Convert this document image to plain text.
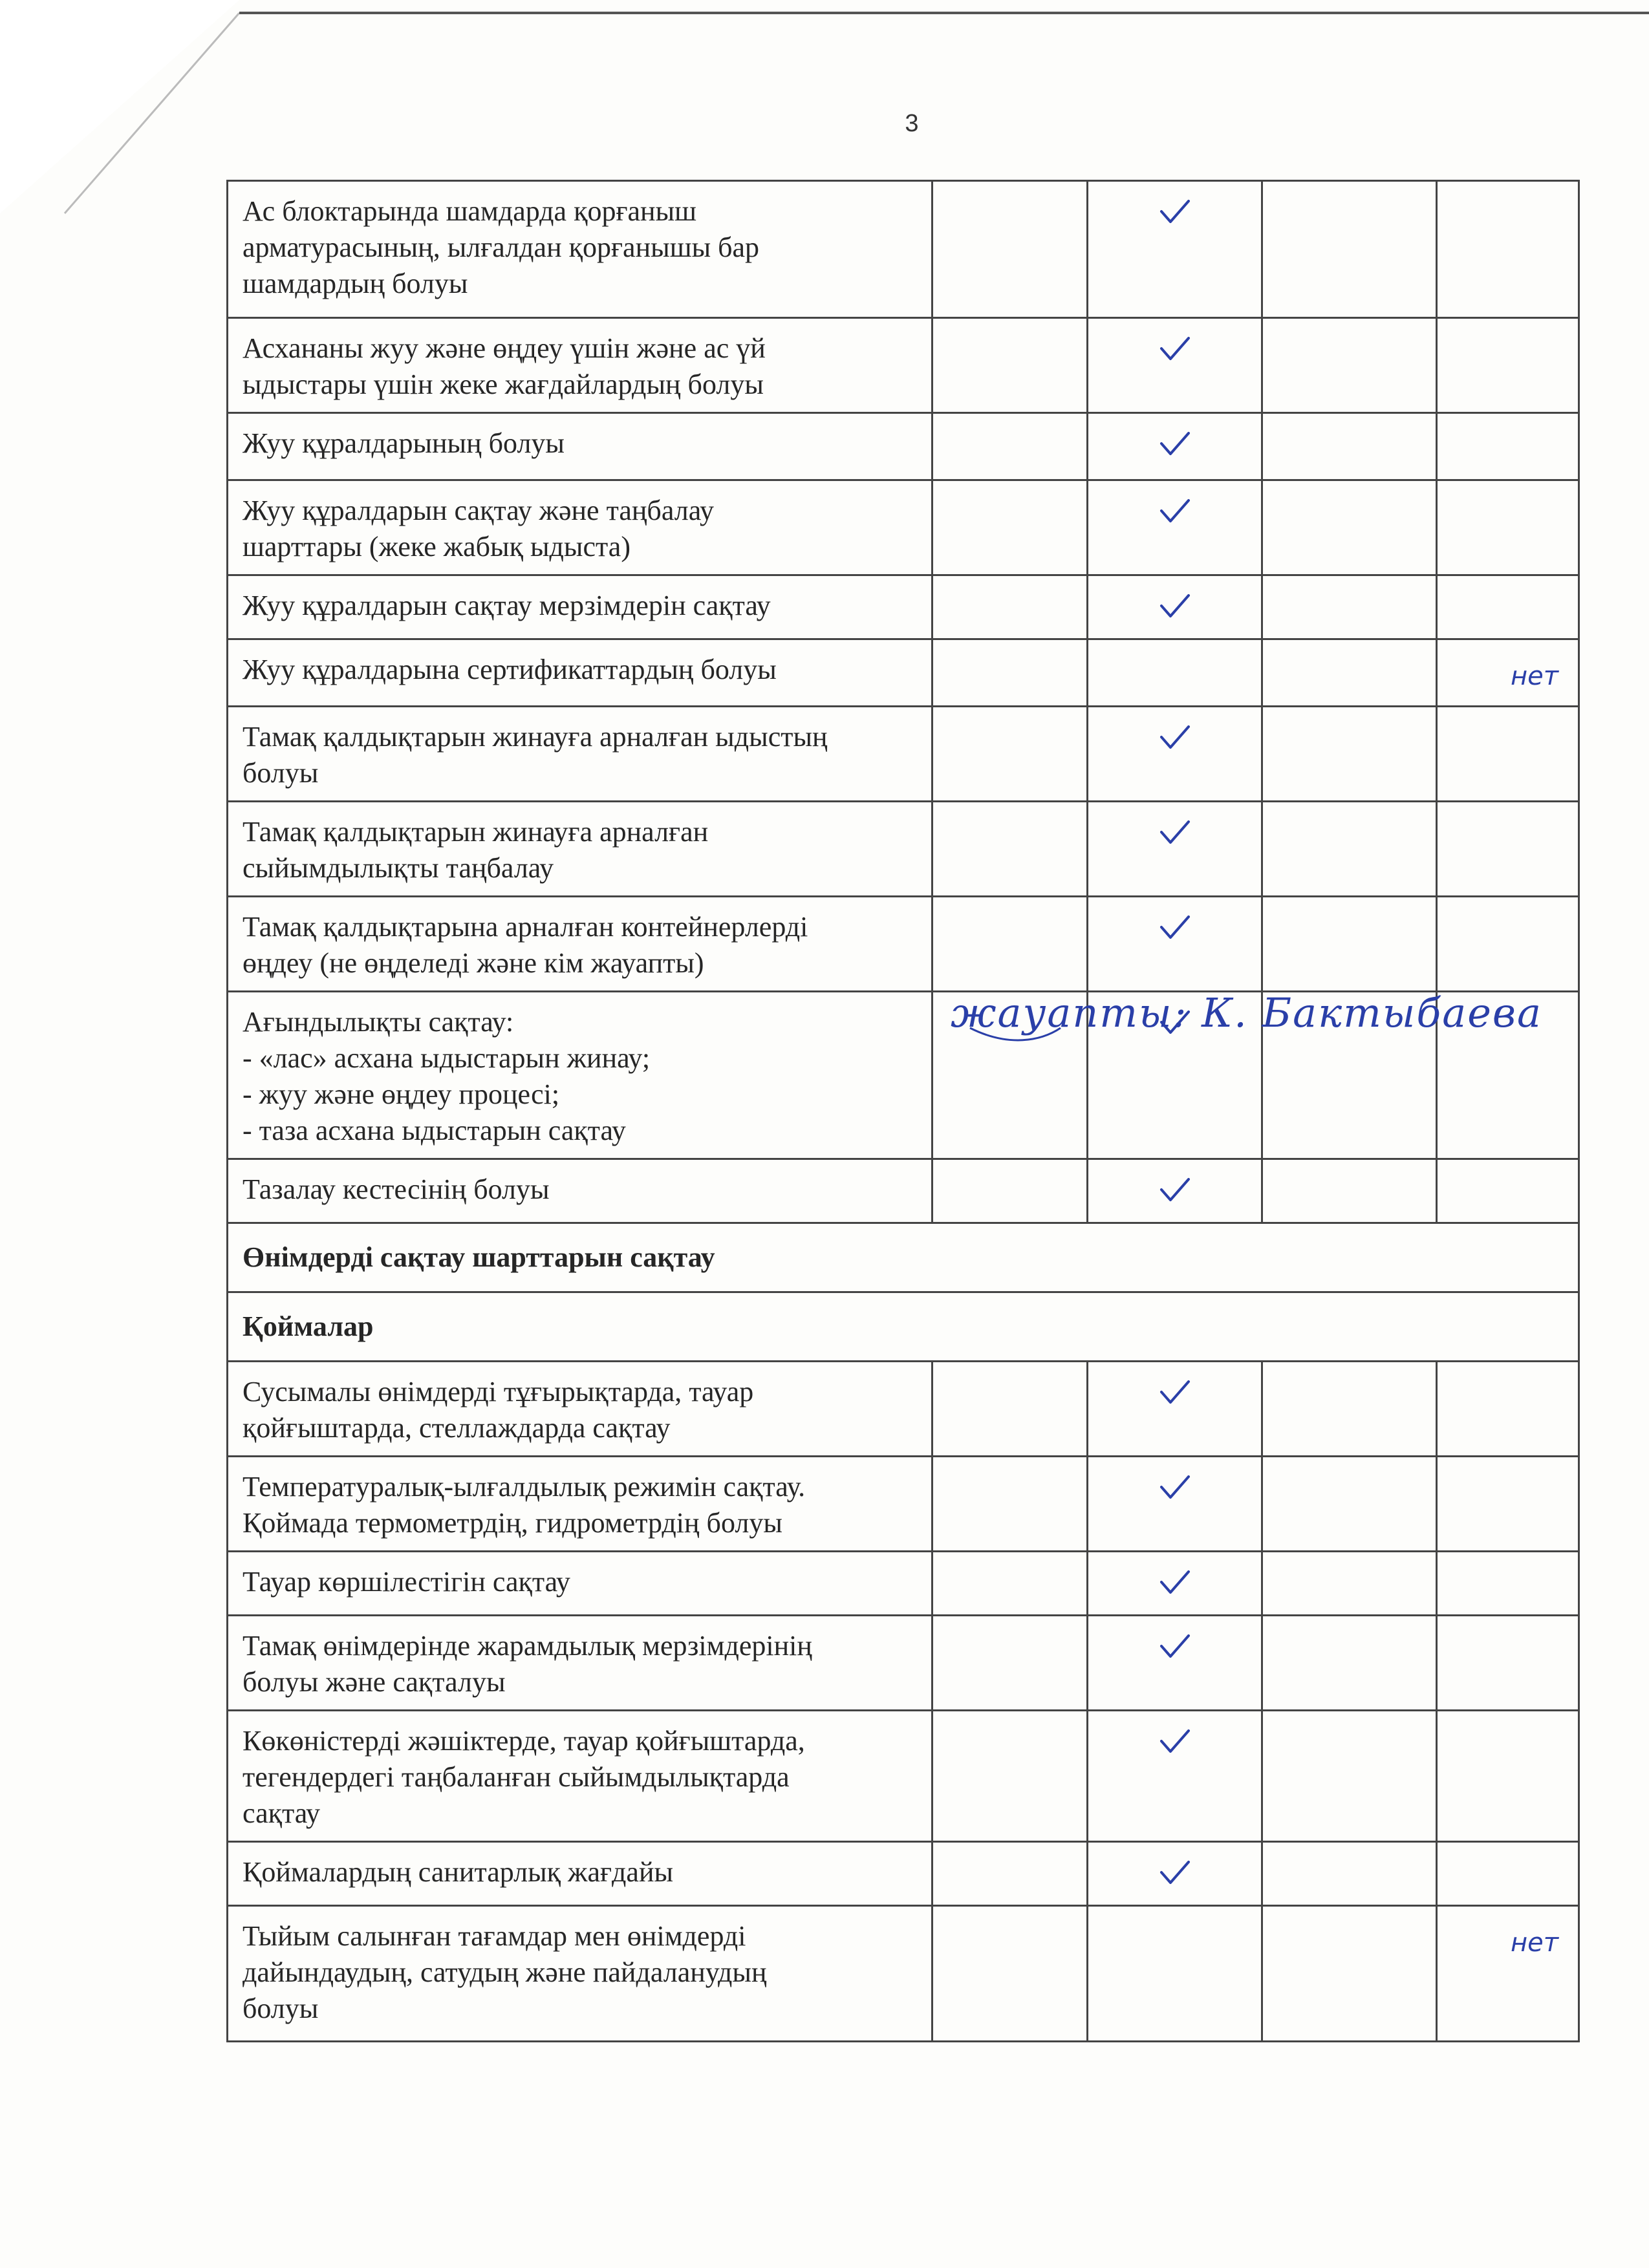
3
Ас блоктарында шамдарда қорғаныш
арматурасының, ылғалдан қорғанышы бар
шамдардың болуы				
Асхананы жуу және өңдеу үшін және ас үй
ыдыстары үшін жеке жағдайлардың болуы				
Жуу құралдарының болуы				
Жуу құралдарын сақтау және таңбалау
шарттары (жеке жабық ыдыста)				
Жуу құралдарын сақтау мерзімдерін сақтау				
Жуу құралдарына сертификаттардың болуы				нет

Тамақ қалдықтарын жинауға арналған ыдыстың
болуы				
Тамақ қалдықтарын жинауға арналған
сыйымдылықты таңбалау				
Тамақ қалдықтарына арналған контейнерлерді
өңдеу (не өңделеді және кім жауапты)				
Ағындылықты сақтау:
- «лас» асхана ыдыстарын жинау;
- жуу және өңдеу процесі;
- таза асхана ыдыстарын сақтау				
Тазалау кестесінің болуы				
Өнімдерді сақтау шарттарын сақтау				
Қоймалар				
Сусымалы өнімдерді тұғырықтарда, тауар
қойғыштарда, стеллаждарда сақтау				
Температуралық-ылғалдылық режимін сақтау.
Қоймада термометрдің, гидрометрдің болуы				
Тауар көршілестігін сақтау				
Тамақ өнімдерінде жарамдылық мерзімдерінің
болуы және сақталуы				
Көкөністерді жәшіктерде, тауар қойғыштарда,
тегендердегі таңбаланған сыйымдылықтарда
сақтау				
Қоймалардың санитарлық жағдайы				
Тыйым салынған тағамдар мен өнімдерді
дайындаудың, сатудың және пайдаланудың
болуы				нет
жауапты: К. Бактыбаева
